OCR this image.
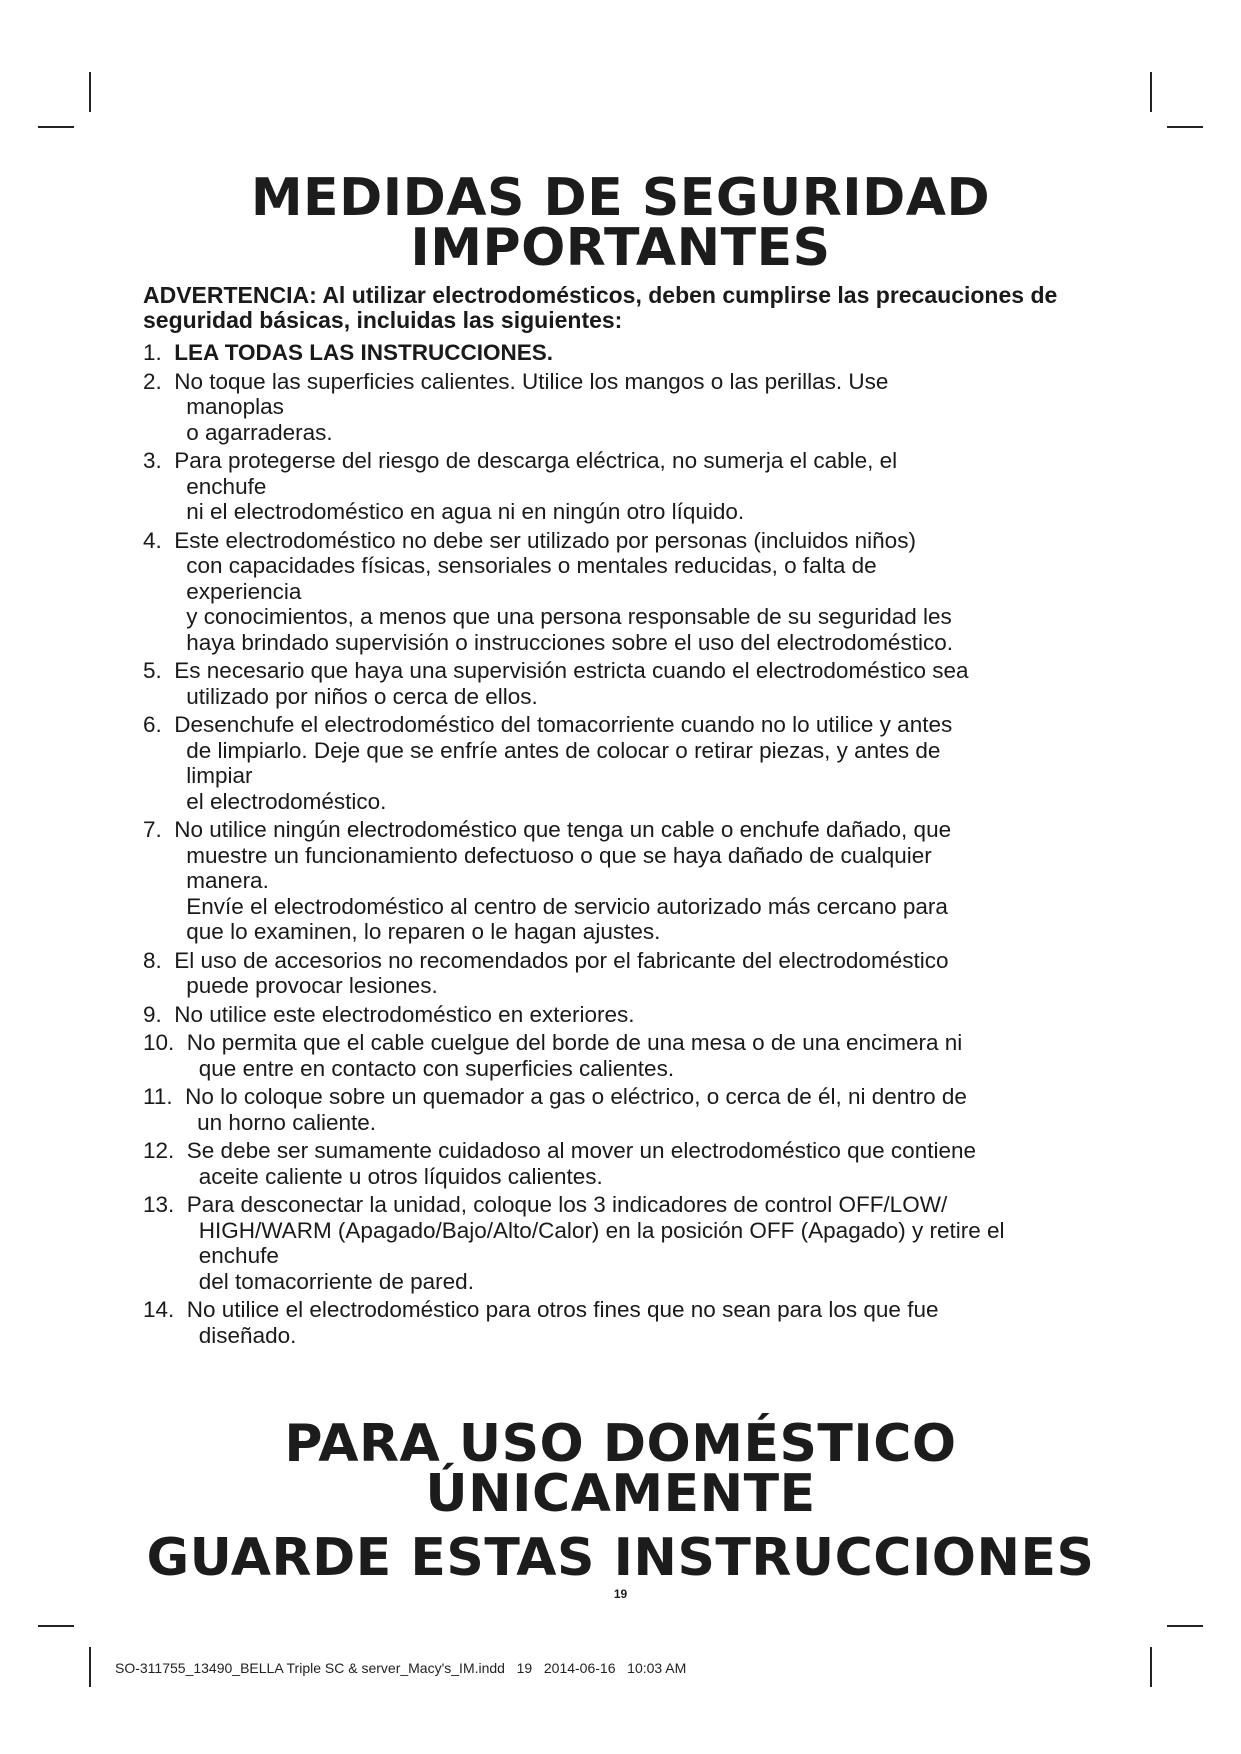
MEDIDAS DE SEGURIDAD
IMPORTANTES
ADVERTENCIA: Al utilizar electrodomésticos, deben cumplirse las precauciones de
seguridad básicas, incluidas las siguientes:
1. LEA TODAS LAS INSTRUCCIONES.
2. No toque las superficies calientes. Utilice los mangos o las perillas. Use
manoplas
o agarraderas.
3. Para protegerse del riesgo de descarga eléctrica, no sumerja el cable, el
enchufe
ni el electrodoméstico en agua ni en ningún otro líquido.
4. Este electrodoméstico no debe ser utilizado por personas (incluidos niños)
con capacidades físicas, sensoriales o mentales reducidas, o falta de
experiencia
y conocimientos, a menos que una persona responsable de su seguridad les
haya brindado supervisión o instrucciones sobre el uso del electrodoméstico.
5. Es necesario que haya una supervisión estricta cuando el electrodoméstico sea
utilizado por niños o cerca de ellos.
6. Desenchufe el electrodoméstico del tomacorriente cuando no lo utilice y antes
de limpiarlo. Deje que se enfríe antes de colocar o retirar piezas, y antes de
limpiar
el electrodoméstico.
7. No utilice ningún electrodoméstico que tenga un cable o enchufe dañado, que
muestre un funcionamiento defectuoso o que se haya dañado de cualquier
manera.
Envíe el electrodoméstico al centro de servicio autorizado más cercano para
que lo examinen, lo reparen o le hagan ajustes.
8. El uso de accesorios no recomendados por el fabricante del electrodoméstico
puede provocar lesiones.
9. No utilice este electrodoméstico en exteriores.
10. No permita que el cable cuelgue del borde de una mesa o de una encimera ni
que entre en contacto con superficies calientes.
11. No lo coloque sobre un quemador a gas o eléctrico, o cerca de él, ni dentro de
un horno caliente.
12. Se debe ser sumamente cuidadoso al mover un electrodoméstico que contiene
aceite caliente u otros líquidos calientes.
13. Para desconectar la unidad, coloque los 3 indicadores de control OFF/LOW/
HIGH/WARM (Apagado/Bajo/Alto/Calor) en la posición OFF (Apagado) y retire el
enchufe
del tomacorriente de pared.
14. No utilice el electrodoméstico para otros fines que no sean para los que fue
diseñado.
PARA USO DOMÉSTICO
ÚNICAMENTE
GUARDE ESTAS INSTRUCCIONES
19
SO-311755_13490_BELLA Triple SC & server_Macy's_IM.indd   19   2014-06-16   10:03 AM
